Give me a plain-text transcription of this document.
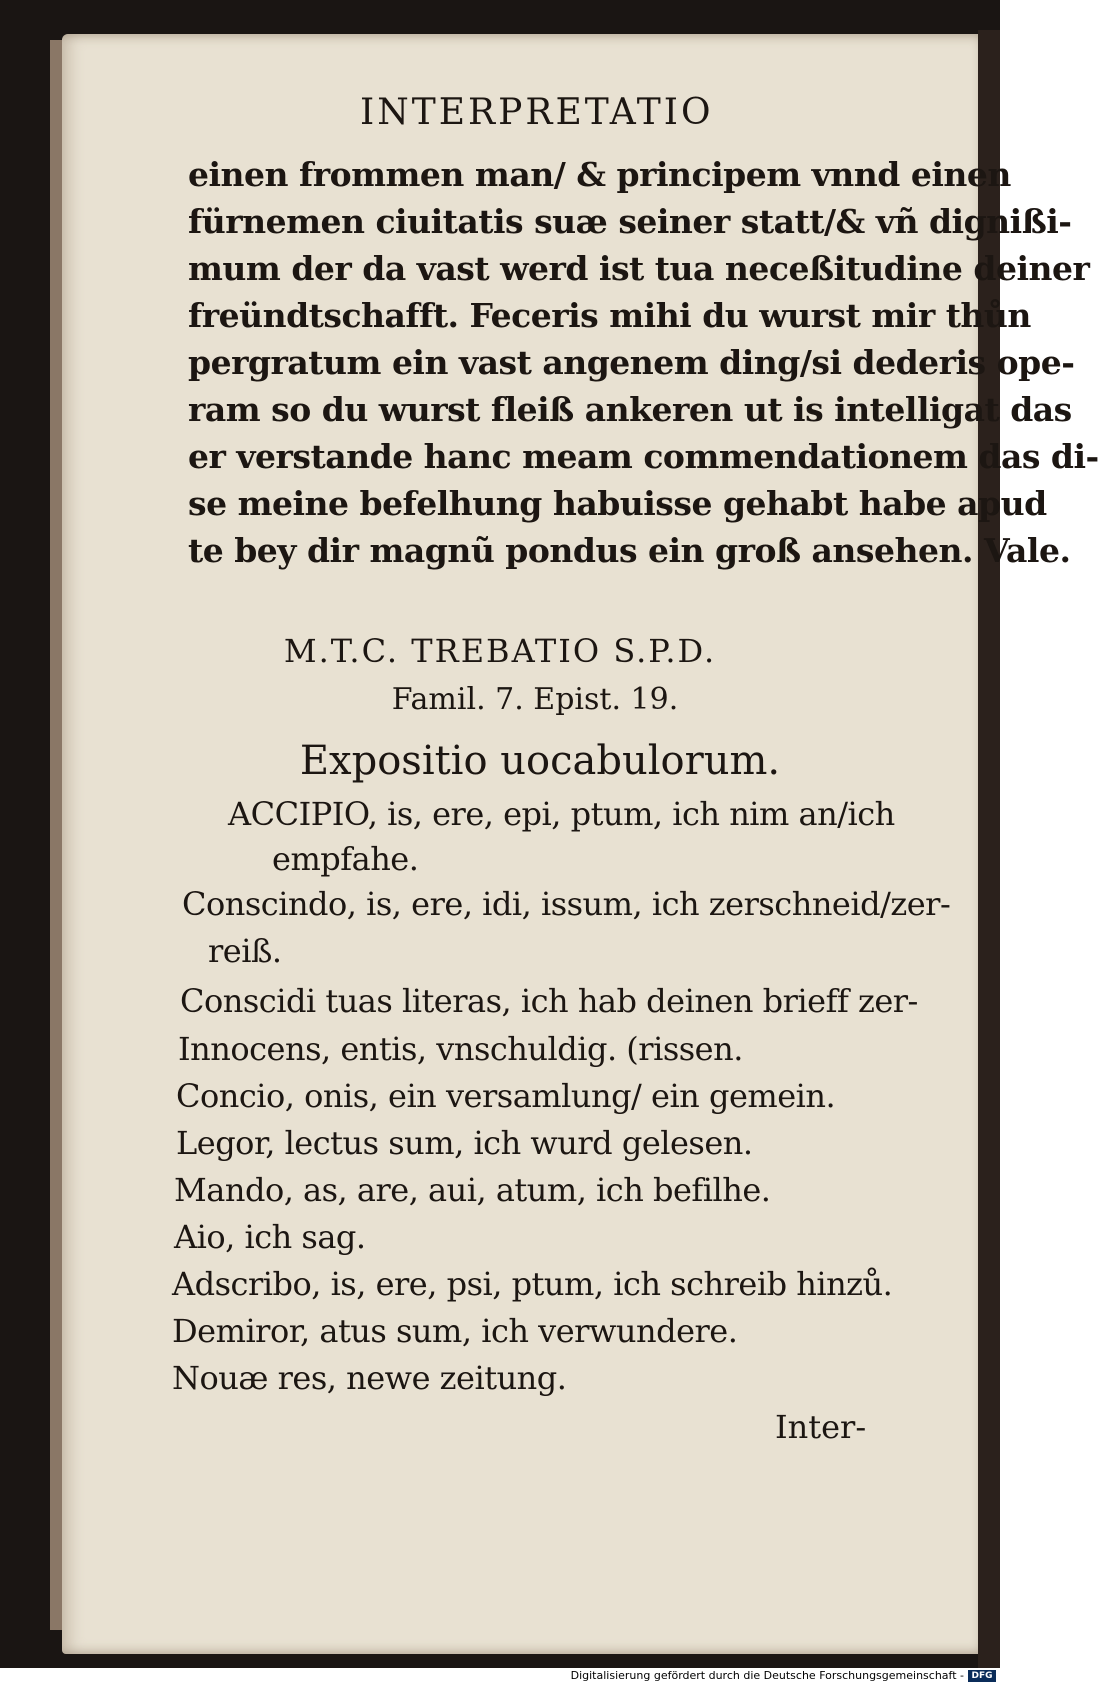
INTERPRETATIO
einen frommen man/ & principem vnnd einen
fürnemen ciuitatis suæ seiner statt/& vñ dignißi-
mum der da vast werd ist tua neceßitudine deiner
freündtschafft. Feceris mihi du wurst mir thůn
pergratum ein vast angenem ding/si dederis ope-
ram so du wurst fleiß ankeren ut is intelligat das
er verstande hanc meam commendationem das di-
se meine befelhung habuisse gehabt habe apud
te bey dir magnũ pondus ein groß ansehen. Vale.
M.T.C. TREBATIO S.P.D.
Famil. 7. Epist. 19.
Expositio uocabulorum.
ACCIPIO, is, ere, epi, ptum, ich nim an/ich
empfahe.
Conscindo, is, ere, idi, issum, ich zerschneid/zer-
reiß.
Conscidi tuas literas, ich hab deinen brieff zer-
Innocens, entis, vnschuldig. (rissen.
Concio, onis, ein versamlung/ ein gemein.
Legor, lectus sum, ich wurd gelesen.
Mando, as, are, aui, atum, ich befilhe.
Aio, ich sag.
Adscribo, is, ere, psi, ptum, ich schreib hinzů.
Demiror, atus sum, ich verwundere.
Nouæ res, newe zeitung.
Inter-
Digitalisierung gefördert durch die Deutsche Forschungsgemeinschaft - DFG
